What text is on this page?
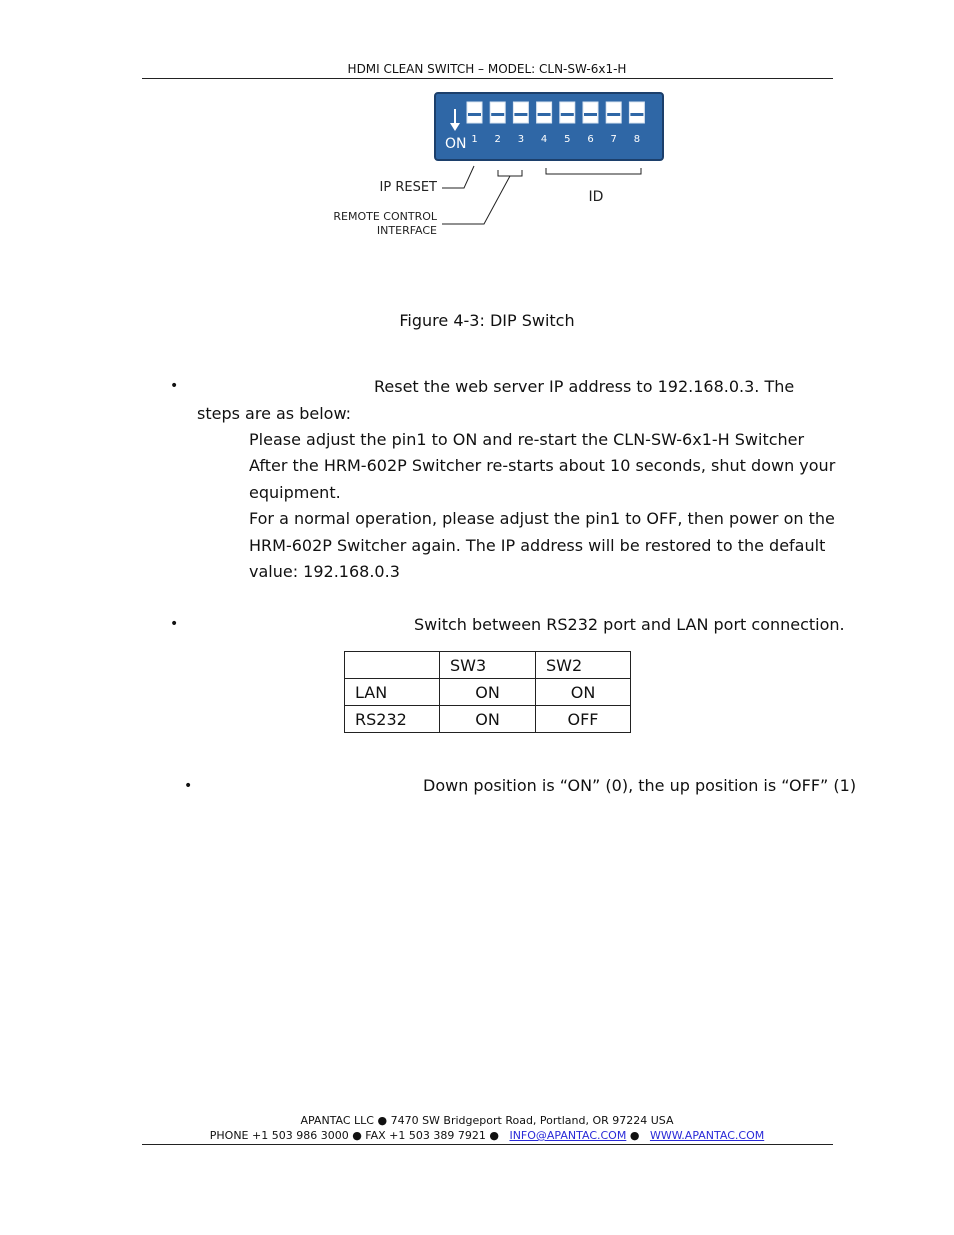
HDMI CLEAN SWITCH – MODEL: CLN-SW-6x1-H
ON 1 2 3 4 5 6 7 8
IP RESET
REMOTE CONTROL
INTERFACE
ID
Figure 4-3: DIP Switch
•	Reset the web server IP address to 192.168.0.3. The
steps are as below:
Please adjust the pin1 to ON and re-start the CLN-SW-6x1-H Switcher
After the HRM-602P Switcher re-starts about 10 seconds, shut down your
equipment.
For a normal operation, please adjust the pin1 to OFF, then power on the
HRM-602P Switcher again. The IP address will be restored to the default
value: 192.168.0.3
•	Switch between RS232 port and LAN port connection.
	SW3	SW2
LAN	ON	ON
RS232	ON	OFF
•	Down position is “ON” (0), the up position is “OFF” (1)
APANTAC LLC ● 7470 SW Bridgeport Road, Portland, OR 97224 USA
PHONE +1 503 986 3000 ● FAX +1 503 389 7921 ● INFO@APANTAC.COM ● WWW.APANTAC.COM
